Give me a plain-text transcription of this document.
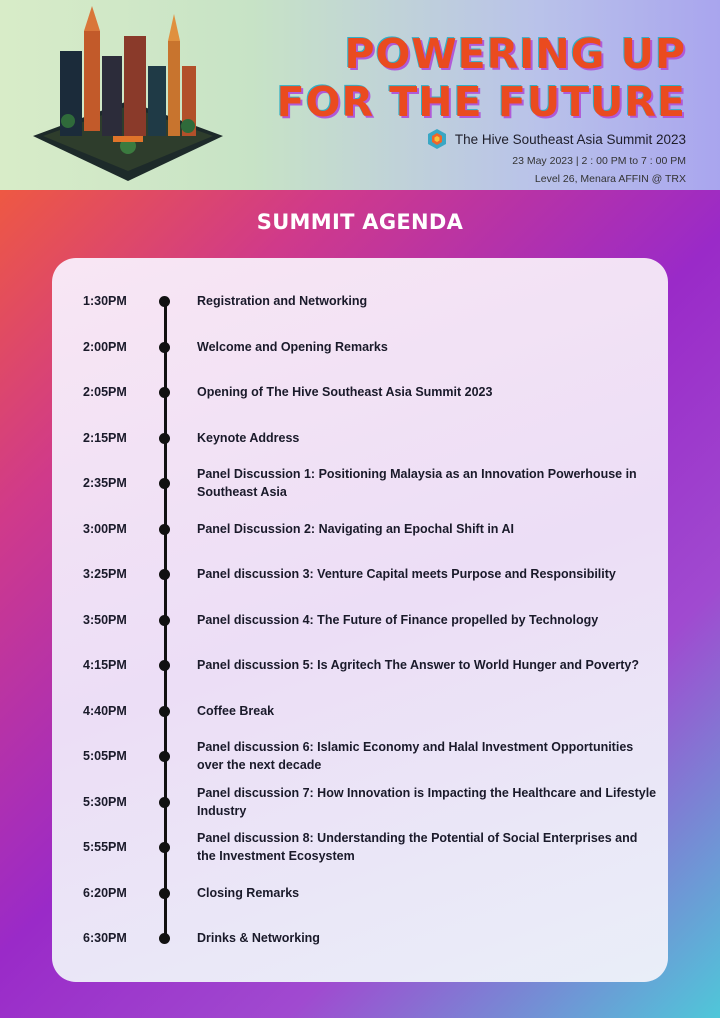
POWERING UP
FOR THE FUTURE
The Hive Southeast Asia Summit 2023
23 May 2023 | 2 : 00 PM to 7 : 00 PM
Level 26, Menara AFFIN @ TRX
SUMMIT AGENDA
1:30PM	Registration and Networking
2:00PM	Welcome and Opening Remarks
2:05PM	Opening of The Hive Southeast Asia Summit 2023
2:15PM	Keynote Address
2:35PM
Panel Discussion 1: Positioning Malaysia as an Innovation Powerhouse in Southeast Asia
3:00PM	Panel Discussion 2: Navigating an Epochal Shift in AI
3:25PM	Panel discussion 3: Venture Capital meets Purpose and Responsibility
3:50PM	Panel discussion 4: The Future of Finance propelled by Technology
4:15PM	Panel discussion 5: Is Agritech The Answer to World Hunger and Poverty?
4:40PM	Coffee Break
5:05PM
Panel discussion 6: Islamic Economy and Halal Investment Opportunities over the next decade
5:30PM
Panel discussion 7: How Innovation is Impacting the Healthcare and Lifestyle Industry
5:55PM
Panel discussion 8: Understanding the Potential of Social Enterprises and the Investment Ecosystem
6:20PM	Closing Remarks
6:30PM	Drinks & Networking
